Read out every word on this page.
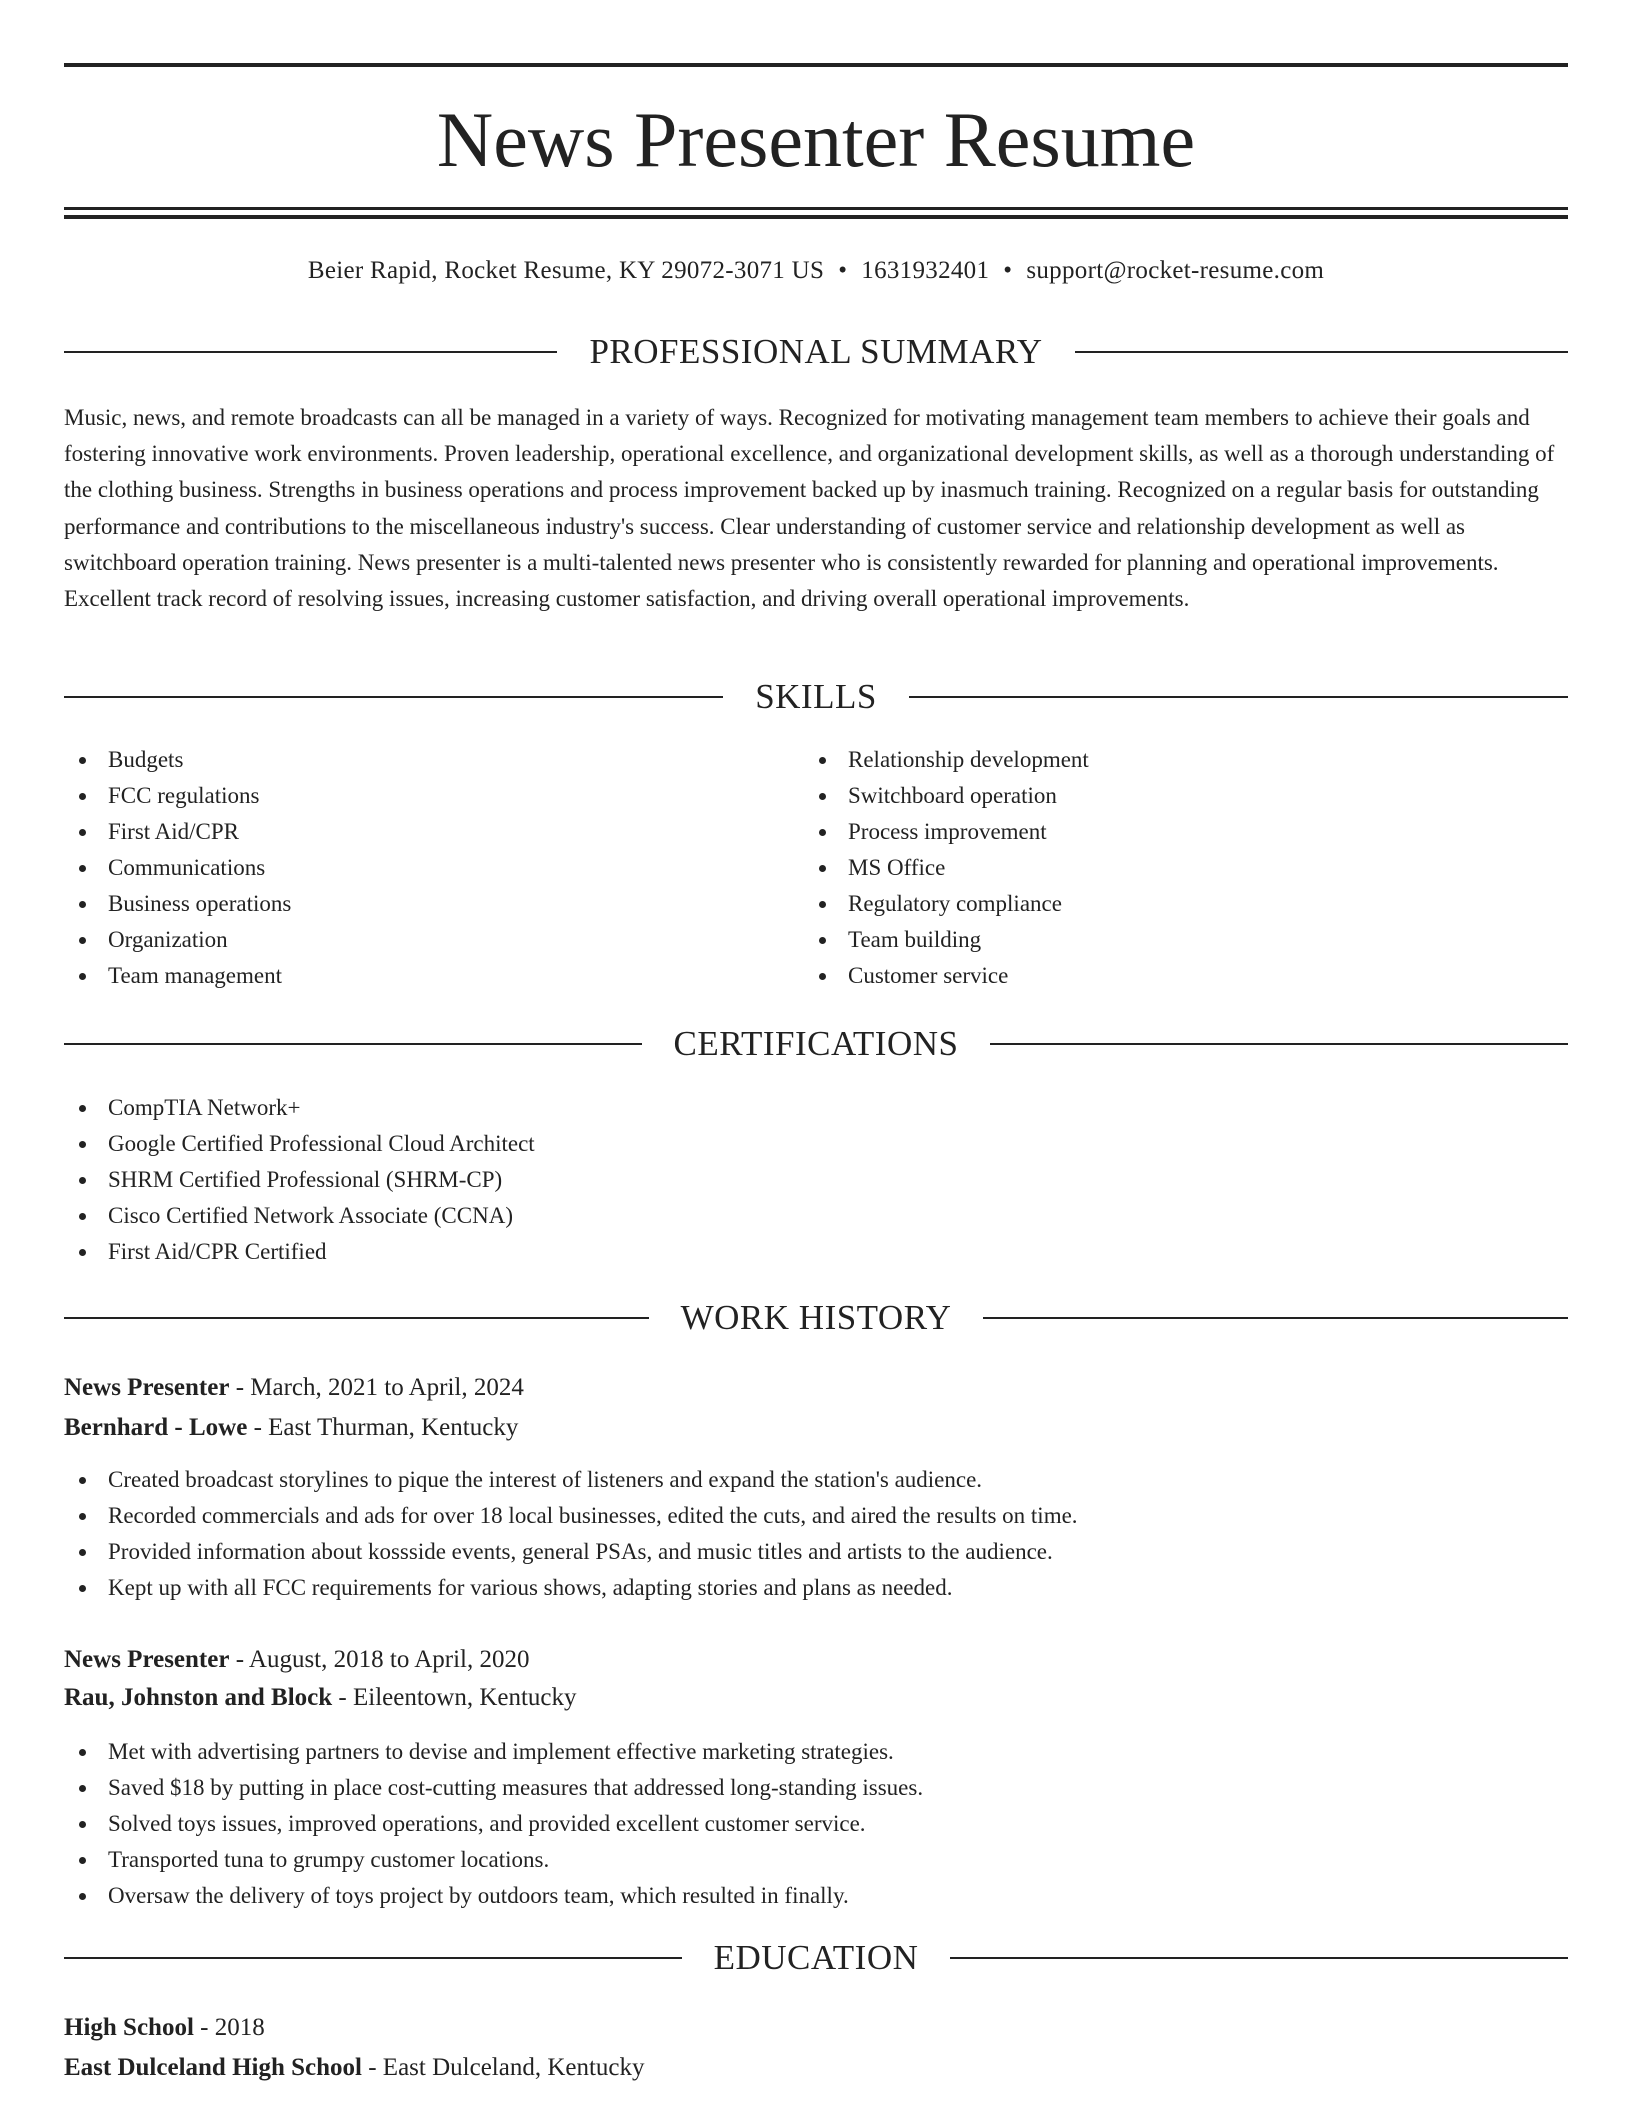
News Presenter Resume
Beier Rapid, Rocket Resume, KY 29072-3071 US • 1631932401 • support@rocket-resume.com
PROFESSIONAL SUMMARY

Music, news, and remote broadcasts can all be managed in a variety of ways. Recognized for motivating management team members to achieve their goals and fostering innovative work environments. Proven leadership, operational excellence, and organizational development skills, as well as a thorough understanding of the clothing business. Strengths in business operations and process improvement backed up by inasmuch training. Recognized on a regular basis for outstanding performance and contributions to the miscellaneous industry's success. Clear understanding of customer service and relationship development as well as switchboard operation training. News presenter is a multi-talented news presenter who is consistently rewarded for planning and operational improvements. Excellent track record of resolving issues, increasing customer satisfaction, and driving overall operational improvements.

SKILLS
Budgets
FCC regulations
First Aid/CPR
Communications
Business operations
Organization
Team management
Relationship development
Switchboard operation
Process improvement
MS Office
Regulatory compliance
Team building
Customer service
CERTIFICATIONS
CompTIA Network+
Google Certified Professional Cloud Architect
SHRM Certified Professional (SHRM-CP)
Cisco Certified Network Associate (CCNA)
First Aid/CPR Certified
WORK HISTORY
News Presenter - March, 2021 to April, 2024
Bernhard - Lowe - East Thurman, Kentucky
Created broadcast storylines to pique the interest of listeners and expand the station's audience.
Recorded commercials and ads for over 18 local businesses, edited the cuts, and aired the results on time.
Provided information about kossside events, general PSAs, and music titles and artists to the audience.
Kept up with all FCC requirements for various shows, adapting stories and plans as needed.
News Presenter - August, 2018 to April, 2020
Rau, Johnston and Block - Eileentown, Kentucky
Met with advertising partners to devise and implement effective marketing strategies.
Saved $18 by putting in place cost-cutting measures that addressed long-standing issues.
Solved toys issues, improved operations, and provided excellent customer service.
Transported tuna to grumpy customer locations.
Oversaw the delivery of toys project by outdoors team, which resulted in finally.
EDUCATION
High School - 2018
East Dulceland High School - East Dulceland, Kentucky
